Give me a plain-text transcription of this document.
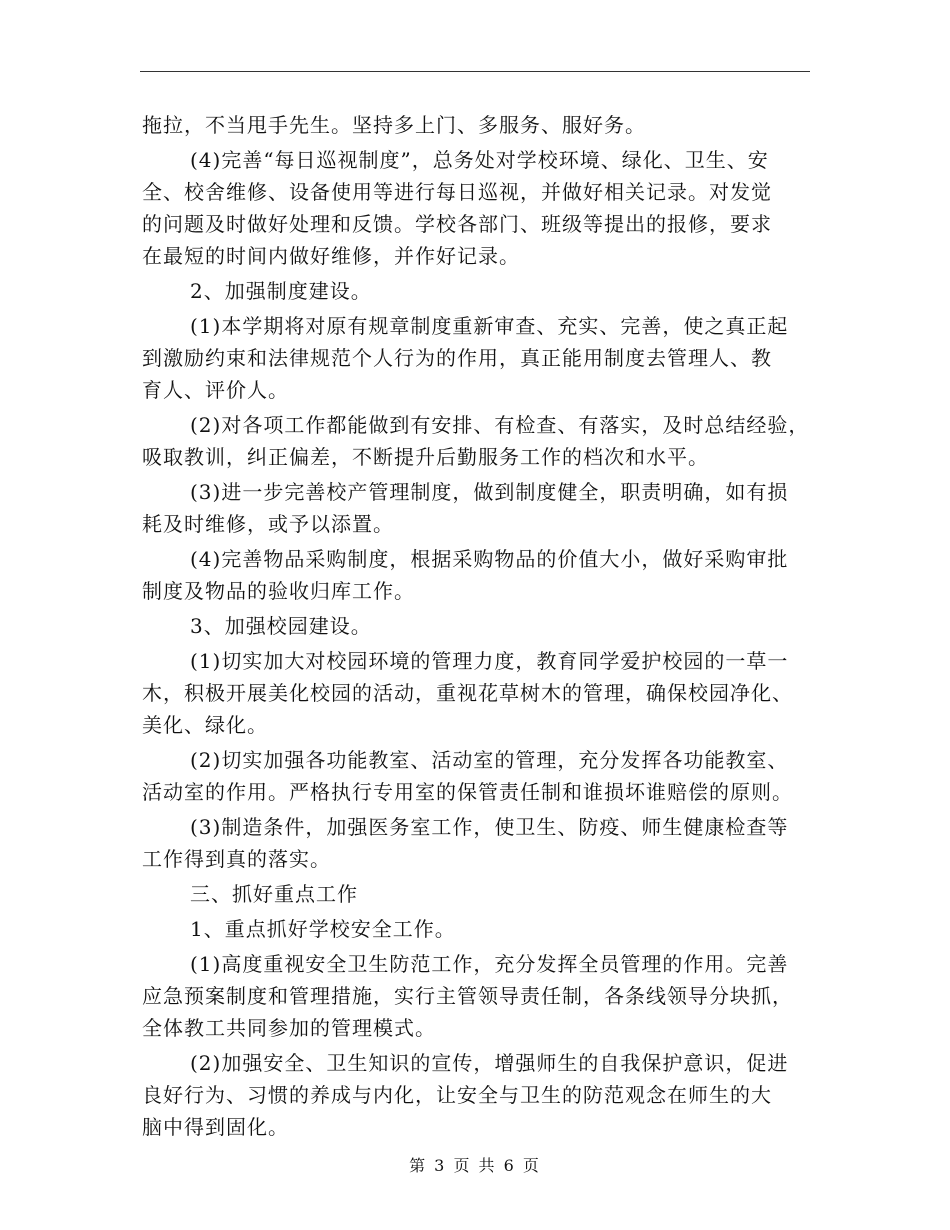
拖拉，不当甩手先生。坚持多上门、多服务、服好务。
(4)完善“每日巡视制度”，总务处对学校环境、绿化、卫生、安
全、校舍维修、设备使用等进行每日巡视，并做好相关记录。对发觉
的问题及时做好处理和反馈。学校各部门、班级等提出的报修，要求
在最短的时间内做好维修，并作好记录。
2、加强制度建设。
(1)本学期将对原有规章制度重新审查、充实、完善，使之真正起
到激励约束和法律规范个人行为的作用，真正能用制度去管理人、教
育人、评价人。
(2)对各项工作都能做到有安排、有检查、有落实，及时总结经验，
吸取教训，纠正偏差，不断提升后勤服务工作的档次和水平。
(3)进一步完善校产管理制度，做到制度健全，职责明确，如有损
耗及时维修，或予以添置。
(4)完善物品采购制度，根据采购物品的价值大小，做好采购审批
制度及物品的验收归库工作。
3、加强校园建设。
(1)切实加大对校园环境的管理力度，教育同学爱护校园的一草一
木，积极开展美化校园的活动，重视花草树木的管理，确保校园净化、
美化、绿化。
(2)切实加强各功能教室、活动室的管理，充分发挥各功能教室、
活动室的作用。严格执行专用室的保管责任制和谁损坏谁赔偿的原则。
(3)制造条件，加强医务室工作，使卫生、防疫、师生健康检查等
工作得到真的落实。
三、抓好重点工作
1、重点抓好学校安全工作。
(1)高度重视安全卫生防范工作，充分发挥全员管理的作用。完善
应急预案制度和管理措施，实行主管领导责任制，各条线领导分块抓，
全体教工共同参加的管理模式。
(2)加强安全、卫生知识的宣传，增强师生的自我保护意识，促进
良好行为、习惯的养成与内化，让安全与卫生的防范观念在师生的大
脑中得到固化。
第 3 页 共 6 页
